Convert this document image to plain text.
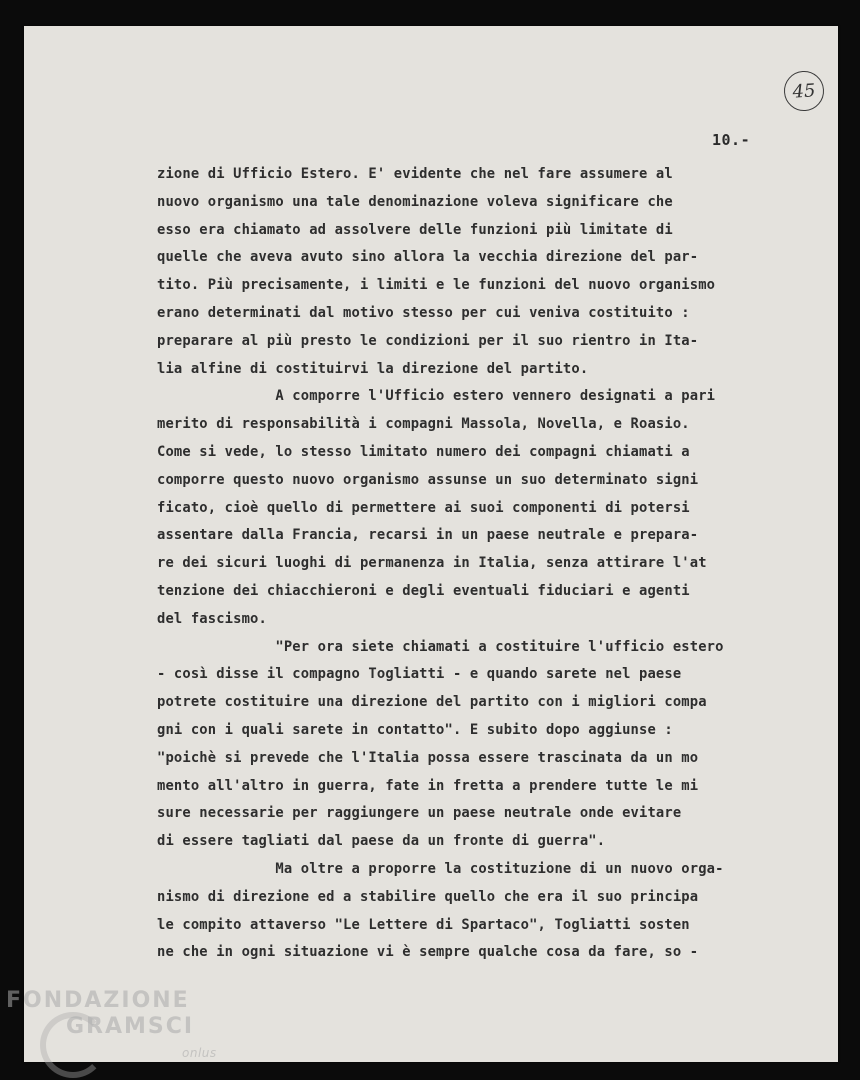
45
10.-
zione di Ufficio Estero. E' evidente che nel fare assumere al
nuovo organismo una tale denominazione voleva significare che
esso era chiamato ad assolvere delle funzioni più limitate di
quelle che aveva avuto sino allora la vecchia direzione del par-
tito. Più precisamente, i limiti e le funzioni del nuovo organismo
erano determinati dal motivo stesso per cui veniva costituito :
preparare al più presto le condizioni per il suo rientro in Ita-
lia alfine di costituirvi la direzione del partito.
A comporre l'Ufficio estero vennero designati a pari
merito di responsabilità i compagni Massola, Novella, e Roasio.
Come si vede, lo stesso limitato numero dei compagni chiamati a
comporre questo nuovo organismo assunse un suo determinato signi
ficato, cioè quello di permettere ai suoi componenti di potersi
assentare dalla Francia, recarsi in un paese neutrale e prepara-
re dei sicuri luoghi di permanenza in Italia, senza attirare l'at
tenzione dei chiacchieroni e degli eventuali fiduciari e agenti
del fascismo.
"Per ora siete chiamati a costituire l'ufficio estero
- così disse il compagno Togliatti - e quando sarete nel paese
potrete costituire una direzione del partito con i migliori compa
gni con i quali sarete in contatto". E subito dopo aggiunse :
"poichè si prevede che l'Italia possa essere trascinata da un mo
mento all'altro in guerra, fate in fretta a prendere tutte le mi
sure necessarie per raggiungere un paese neutrale onde evitare
di essere tagliati dal paese da un fronte di guerra".
Ma oltre a proporre la costituzione di un nuovo orga-
nismo di direzione ed a stabilire quello che era il suo principa
le compito attaverso "Le Lettere di Spartaco", Togliatti sosten
ne che in ogni situazione vi è sempre qualche cosa da fare, so -
FONDAZIONE
GRAMSCI
onlus
